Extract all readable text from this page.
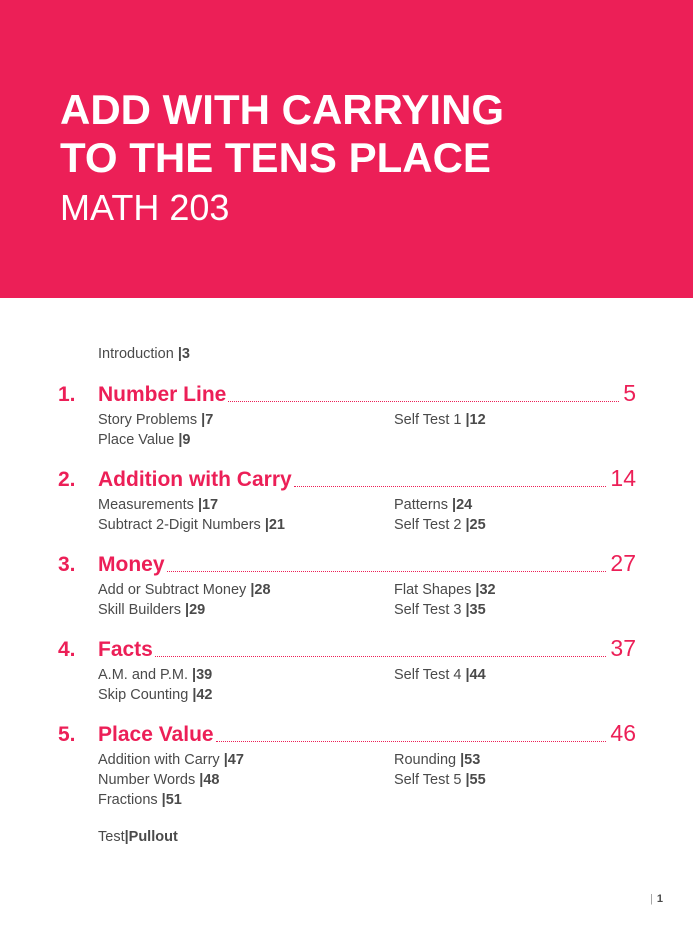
ADD WITH CARRYING
TO THE TENS PLACE
MATH 203
Introduction |3
1.	Number Line	5
Story Problems |7	Self Test 1 |12
Place Value |9
2.	Addition with Carry	14
Measurements |17	Patterns |24
Subtract 2-Digit Numbers |21	Self Test 2 |25
3.	Money	27
Add or Subtract Money |28	Flat Shapes |32
Skill Builders |29	Self Test 3 |35
4.	Facts	37
A.M. and P.M. |39	Self Test 4 |44
Skip Counting |42
5.	Place Value	46
Addition with Carry |47	Rounding |53
Number Words |48	Self Test 5 |55
Fractions |51
Test|Pullout
| 1
